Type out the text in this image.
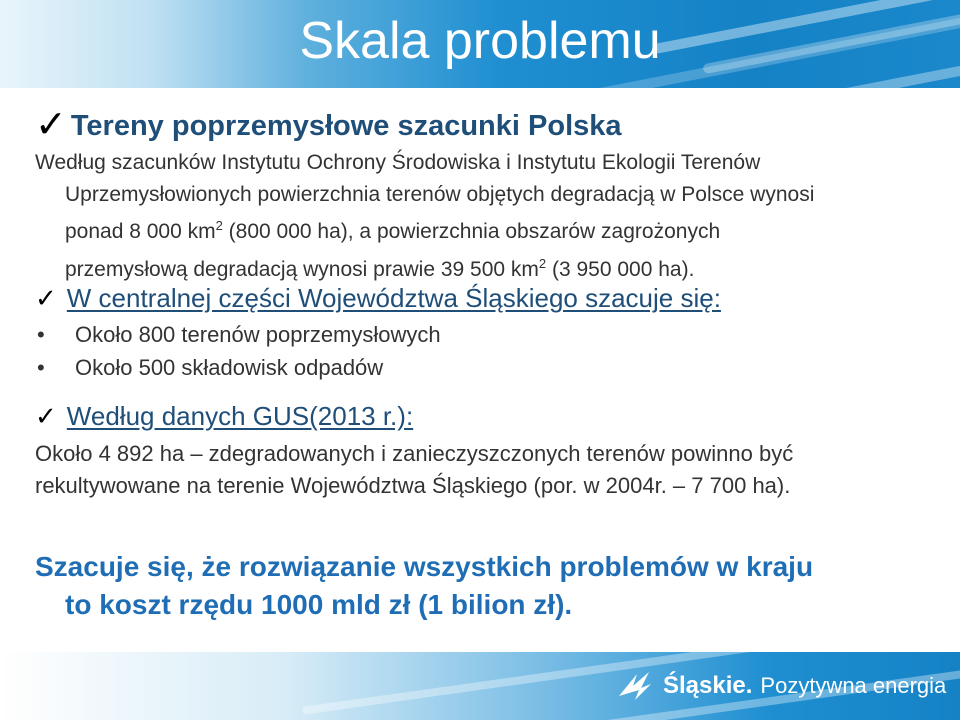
Skala problemu
✓ Tereny poprzemysłowe szacunki Polska
Według szacunków Instytutu Ochrony Środowiska i Instytutu Ekologii Terenów
Uprzemysłowionych powierzchnia terenów objętych degradacją w Polsce wynosi
ponad 8 000 $km^2$ (800 000 ha), a powierzchnia obszarów zagrożonych
przemysłową degradacją wynosi prawie 39 500 $km^2$ (3 950 000 ha).
✓ W centralnej części Województwa Śląskiego szacuje się:
• Około 800 terenów poprzemysłowych
• Około 500 składowisk odpadów
✓ Według danych GUS(2013 r.):
Około 4 892 ha – zdegradowanych i zanieczyszczonych terenów powinno być rekultywowane na terenie Województwa Śląskiego (por. w 2004r. – 7 700 ha).
Szacuje się, że rozwiązanie wszystkich problemów w kraju
to koszt rzędu 1000 mld zł (1 bilion zł).
Śląskie. Pozytywna energia
